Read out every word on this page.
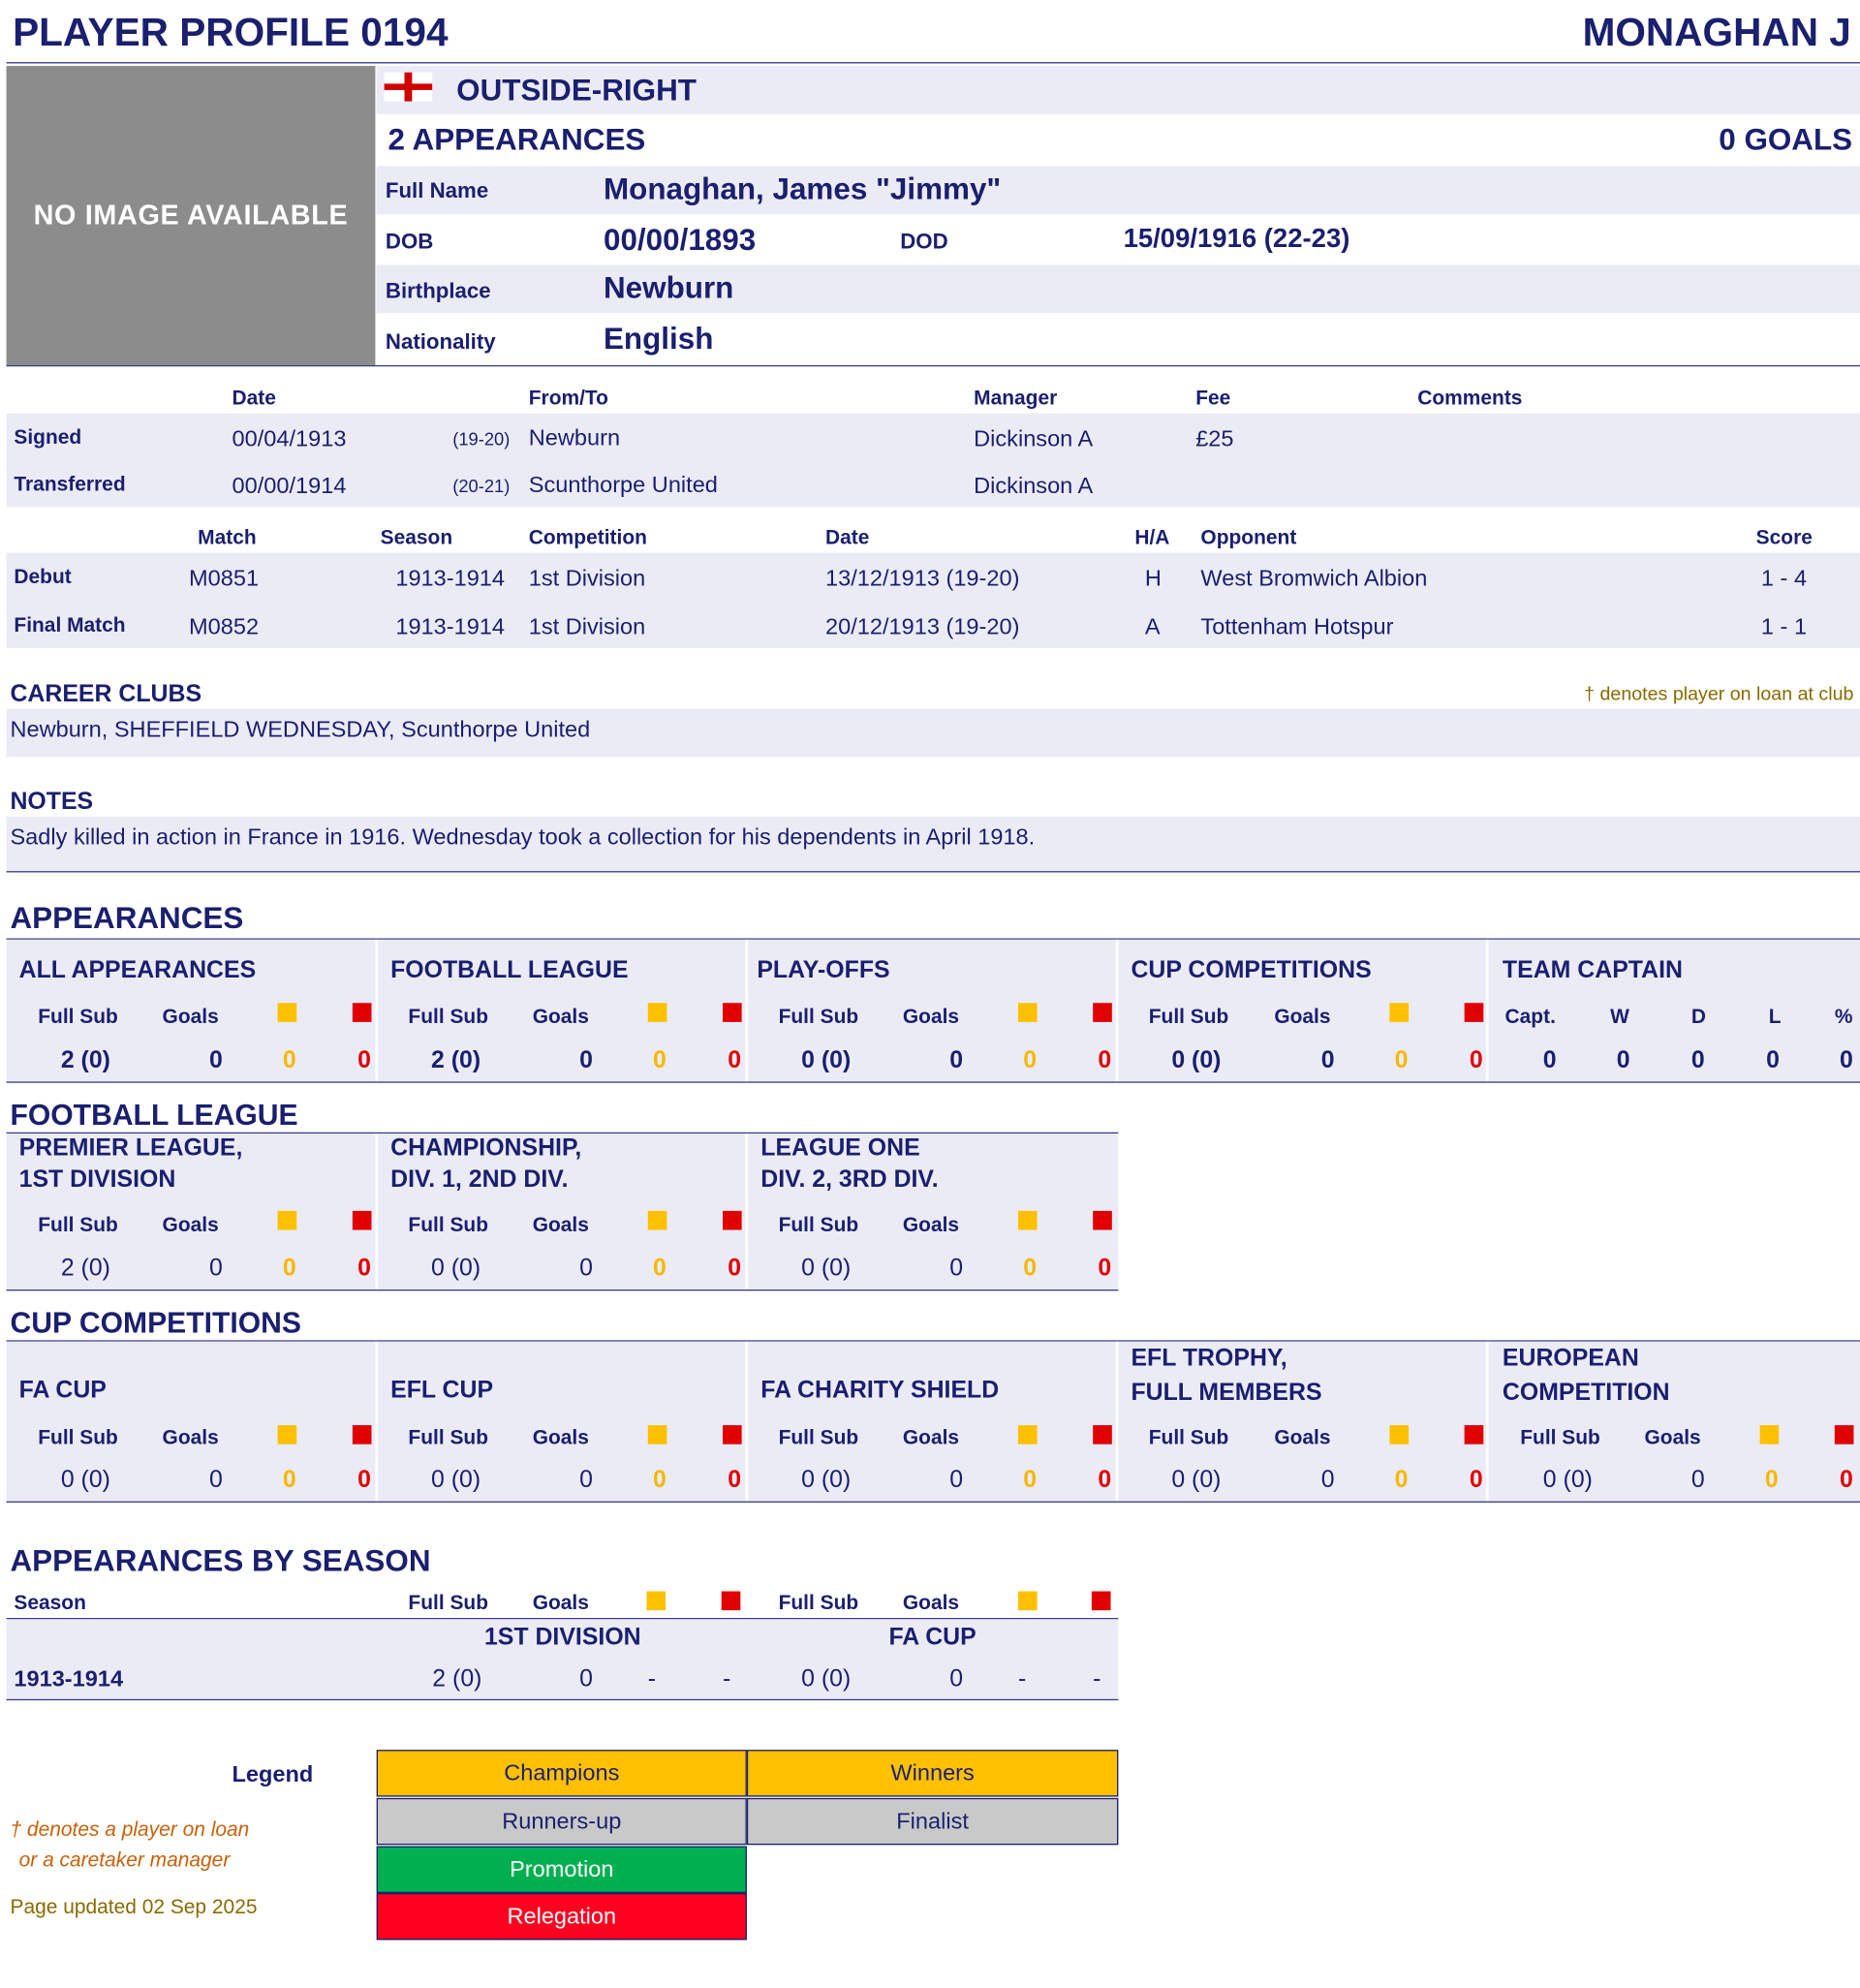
PLAYER PROFILE 0194	MONAGHAN J
NO IMAGE AVAILABLE
OUTSIDE-RIGHT
2 APPEARANCES	0 GOALS
Full Name	Monaghan, James "Jimmy"
DOB	00/00/1893	DOD	15/09/1916 (22-23)
Birthplace	Newburn
Nationality	English
Date	From/To	Manager	Fee	Comments
Signed	00/04/1913	(19-20) Newburn	Dickinson A	£25
Transferred	00/00/1914	(20-21) Scunthorpe United	Dickinson A
Match	Season	Competition	Date	H/A Opponent	Score
Debut	M0851	1913-1914 1st Division	13/12/1913 (19-20)	H West Bromwich Albion	1 - 4
Final Match	M0852	1913-1914 1st Division	20/12/1913 (19-20)	A Tottenham Hotspur	1 - 1
CAREER CLUBS	† denotes player on loan at club
Newburn, SHEFFIELD WEDNESDAY, Scunthorpe United
NOTES
Sadly killed in action in France in 1916. Wednesday took a collection for his dependents in April 1918.
APPEARANCES
ALL APPEARANCES
Full Sub	Goals
2 (0)	0	0	0
FOOTBALL LEAGUE
Full Sub	Goals
2 (0)	0	0	0
PLAY-OFFS
Full Sub	Goals
0 (0)	0	0	0
CUP COMPETITIONS
Full Sub	Goals
0 (0)	0	0	0
TEAM CAPTAIN
Capt.	W	D	L	%
0	0	0	0	0
FOOTBALL LEAGUE
PREMIER LEAGUE,
1ST DIVISION
Full Sub	Goals
2 (0)	0	0	0
CHAMPIONSHIP,
DIV. 1, 2ND DIV.
Full Sub	Goals
0 (0)	0	0	0
LEAGUE ONE
DIV. 2, 3RD DIV.
Full Sub	Goals
0 (0)	0	0	0
CUP COMPETITIONS
FA CUP
Full Sub	Goals
0 (0)	0	0	0
EFL CUP
Full Sub	Goals
0 (0)	0	0	0
FA CHARITY SHIELD
Full Sub	Goals
0 (0)	0	0	0
EFL TROPHY,
FULL MEMBERS
Full Sub	Goals
0 (0)	0	0	0
EUROPEAN
COMPETITION
Full Sub	Goals
0 (0)	0	0	0
APPEARANCES BY SEASON
Season	Full Sub	Goals	Full Sub	Goals
1ST DIVISION	FA CUP
1913-1914	2 (0)	0	-	-	0 (0)	0	-	-
Legend	Champions	Winners
Runners-up	Finalist
Promotion
Relegation
† denotes a player on loan
or a caretaker manager
Page updated 02 Sep 2025
